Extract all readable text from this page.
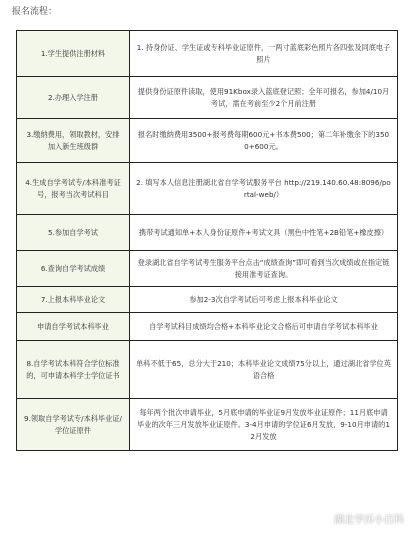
报名流程：
1.学生提供注册材料	1. 持身份证、学生证或专科毕业证原件，一两寸蓝底彩色照片各四张及同底电子照片
2.办理入学注册	提供身份证原件读取，使用91Kbox录入蓝底登记照；全年可报名，参加4/10月考试，需在考前至少2个月前注册
3.缴纳费用，领取教材，安排加入新生班级群	报名时缴纳费用3500+报考费每期600元+书本费500；第二年补缴余下的3500+600元。
4.生成自学考试专/本科准考证号，报考当次考试科目	2. 填写本人信息注册湖北省自学考试服务平台 http://219.140.60.48:8096/portal-web/）
5.参加自学考试	携带考试通知单+本人身份证原件+考试文具（黑色中性笔+2B铅笔+橡皮擦）
6.查询自学考试成绩	登录湖北省自学考试考生服务平台点击“成绩查询”即可看到当次成绩或在指定链接用准考证查询。
7.上报本科毕业论文	参加2-3次自学考试后可考虑上报本科毕业论文
申请自学考试本科毕业	自学考试科目成绩均合格+本科毕业论文合格后可申请自学考试本科毕业
8.自学考试本科符合学位标准的，可申请本科学士学位证书	单科不低于65，总分大于210；本科毕业论文成绩75分以上，通过湖北省学位英语合格
9.领取自学考试专/本科毕业证/学位证原件	每年两个批次申请毕业，5月底申请的毕业证9月发放毕业证原件；11月底申请毕业的次年三月发放毕业证原件。3-4月申请的学位证6月发放，9-10月申请的12月发放
湖北学历小百科
